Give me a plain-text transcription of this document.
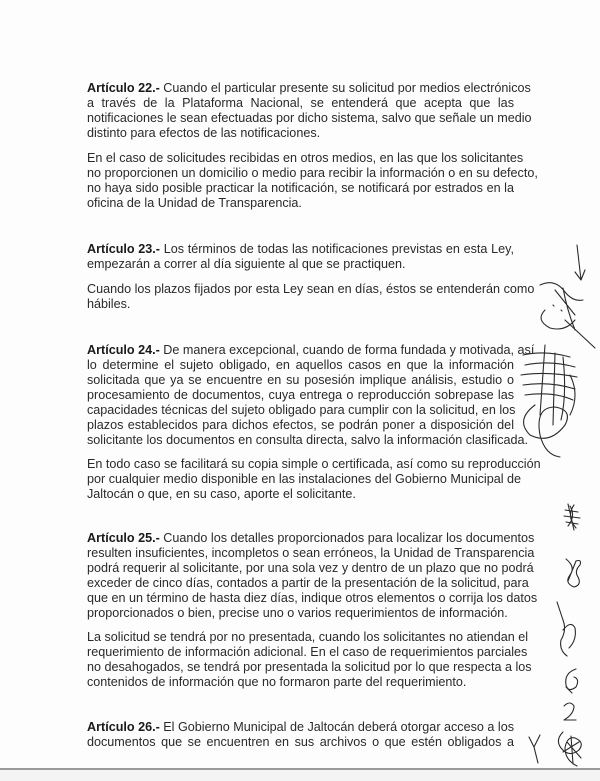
Artículo 22.- Cuando el particular presente su solicitud por medios electrónicos
a través de la Plataforma Nacional, se entenderá que acepta que las
notificaciones le sean efectuadas por dicho sistema, salvo que señale un medio
distinto para efectos de las notificaciones.
En el caso de solicitudes recibidas en otros medios, en las que los solicitantes
no proporcionen un domicilio o medio para recibir la información o en su defecto,
no haya sido posible practicar la notificación, se notificará por estrados en la
oficina de la Unidad de Transparencia.
Artículo 23.- Los términos de todas las notificaciones previstas en esta Ley,
empezarán a correr al día siguiente al que se practiquen.
Cuando los plazos fijados por esta Ley sean en días, éstos se entenderán como
hábiles.
Artículo 24.- De manera excepcional, cuando de forma fundada y motivada, así
lo determine el sujeto obligado, en aquellos casos en que la información
solicitada que ya se encuentre en su posesión implique análisis, estudio o
procesamiento de documentos, cuya entrega o reproducción sobrepase las
capacidades técnicas del sujeto obligado para cumplir con la solicitud, en los
plazos establecidos para dichos efectos, se podrán poner a disposición del
solicitante los documentos en consulta directa, salvo la información clasificada.
En todo caso se facilitará su copia simple o certificada, así como su reproducción
por cualquier medio disponible en las instalaciones del Gobierno Municipal de
Jaltocán o que, en su caso, aporte el solicitante.
Artículo 25.- Cuando los detalles proporcionados para localizar los documentos
resulten insuficientes, incompletos o sean erróneos, la Unidad de Transparencia
podrá requerir al solicitante, por una sola vez y dentro de un plazo que no podrá
exceder de cinco días, contados a partir de la presentación de la solicitud, para
que en un término de hasta diez días, indique otros elementos o corrija los datos
proporcionados o bien, precise uno o varios requerimientos de información.
La solicitud se tendrá por no presentada, cuando los solicitantes no atiendan el
requerimiento de información adicional. En el caso de requerimientos parciales
no desahogados, se tendrá por presentada la solicitud por lo que respecta a los
contenidos de información que no formaron parte del requerimiento.
Artículo 26.- El Gobierno Municipal de Jaltocán deberá otorgar acceso a los
documentos que se encuentren en sus archivos o que estén obligados a
